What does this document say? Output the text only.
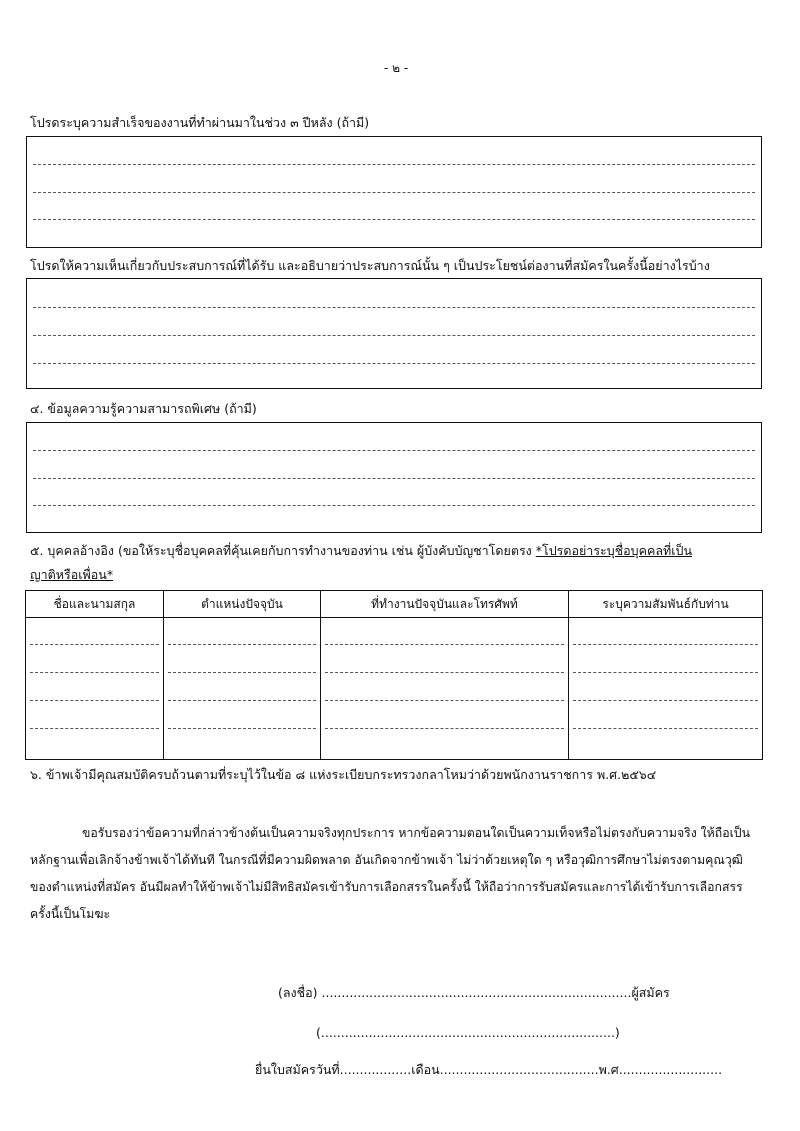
- ๒ -
โปรดระบุความสำเร็จของงานที่ทำผ่านมาในช่วง ๓ ปีหลัง (ถ้ามี)
โปรดให้ความเห็นเกี่ยวกับประสบการณ์ที่ได้รับ และอธิบายว่าประสบการณ์นั้น ๆ เป็นประโยชน์ต่องานที่สมัครในครั้งนี้อย่างไรบ้าง
๔. ข้อมูลความรู้ความสามารถพิเศษ (ถ้ามี)
๕. บุคคลอ้างอิง (ขอให้ระบุชื่อบุคคลที่คุ้นเคยกับการทำงานของท่าน เช่น ผู้บังคับบัญชาโดยตรง *โปรดอย่าระบุชื่อบุคคลที่เป็น
ญาติหรือเพื่อน*
ชื่อและนามสกุล	ตำแหน่งปัจจุบัน	ที่ทำงานปัจจุบันและโทรศัพท์	ระบุความสัมพันธ์กับท่าน

๖. ข้าพเจ้ามีคุณสมบัติครบถ้วนตามที่ระบุไว้ในข้อ ๘ แห่งระเบียบกระทรวงกลาโหมว่าด้วยพนักงานราชการ พ.ศ.๒๕๖๔
ขอรับรองว่าข้อความที่กล่าวข้างต้นเป็นความจริงทุกประการ หากข้อความตอนใดเป็นความเท็จหรือไม่ตรงกับความจริง ให้ถือเป็นหลักฐานเพื่อเลิกจ้างข้าพเจ้าได้ทันที ในกรณีที่มีความผิดพลาด อันเกิดจากข้าพเจ้า ไม่ว่าด้วยเหตุใด ๆ หรือวุฒิการศึกษาไม่ตรงตามคุณวุฒิของตำแหน่งที่สมัคร อันมีผลทำให้ข้าพเจ้าไม่มีสิทธิสมัครเข้ารับการเลือกสรรในครั้งนี้ ให้ถือว่าการรับสมัครและการได้เข้ารับการเลือกสรรครั้งนี้เป็นโมฆะ
(ลงชื่อ) ..............................................................................ผู้สมัคร
(..........................................................................)
ยื่นใบสมัครวันที่..................เดือน........................................พ.ศ..........................
